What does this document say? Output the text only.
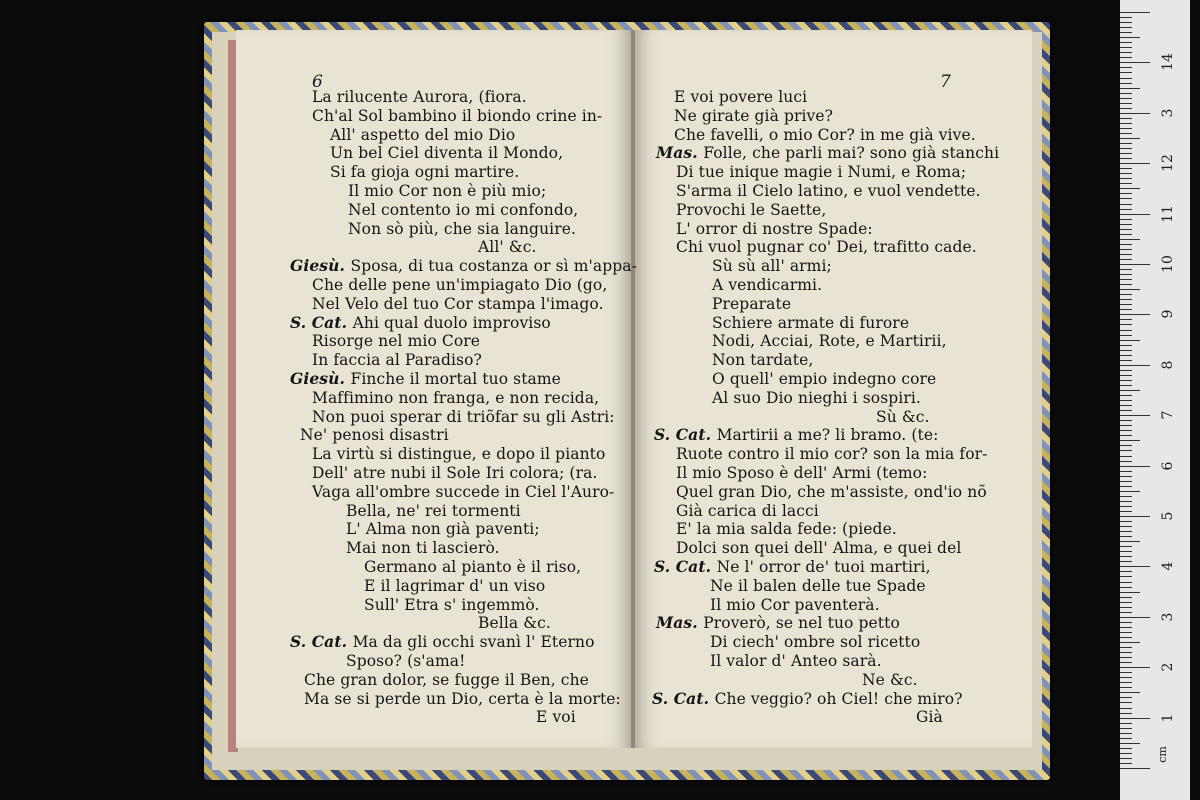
6	7
La rilucente Aurora, (fiora.
Ch'al Sol bambino il biondo crine in-
All' aspetto del mio Dio
Un bel Ciel diventa il Mondo,
Si fa gioja ogni martire.
Il mio Cor non è più mio;
Nel contento io mi confondo,
Non sò più, che sia languire.
All' &c.
Giesù. Sposa, di tua costanza or sì m'appa-
Che delle pene un'impiagato Dio (go,
Nel Velo del tuo Cor stampa l'imago.
S. Cat. Ahi qual duolo improviso
Risorge nel mio Core
In faccia al Paradiso?
Giesù. Finche il mortal tuo stame
Maffimino non franga, e non recida,
Non puoi sperar di triõfar su gli Astri:
Ne' penosi disastri
La virtù si distingue, e dopo il pianto
Dell' atre nubi il Sole Iri colora; (ra.
Vaga all'ombre succede in Ciel l'Auro-
Bella, ne' rei tormenti
L' Alma non già paventi;
Mai non ti lascierò.
Germano al pianto è il riso,
E il lagrimar d' un viso
Sull' Etra s' ingemmò.
Bella &c.
S. Cat. Ma da gli occhi svanì l' Eterno
Sposo? (s'ama!
Che gran dolor, se fugge il Ben, che
Ma se si perde un Dio, certa è la morte:
E voi
E voi povere luci
Ne girate già prive?
Che favelli, o mio Cor? in me già vive.
Mas. Folle, che parli mai? sono già stanchi
Di tue inique magie i Numi, e Roma;
S'arma il Cielo latino, e vuol vendette.
Provochi le Saette,
L' orror di nostre Spade:
Chi vuol pugnar co' Dei, trafitto cade.
Sù sù all' armi;
A vendicarmi.
Preparate
Schiere armate di furore
Nodi, Acciai, Rote, e Martirii,
Non tardate,
O quell' empio indegno core
Al suo Dio nieghi i sospiri.
Sù &c.
S. Cat. Martirii a me? li bramo. (te:
Ruote contro il mio cor? son la mia for-
Il mio Sposo è dell' Armi (temo:
Quel gran Dio, che m'assiste, ond'io nõ
Già carica di lacci
E' la mia salda fede: (piede.
Dolci son quei dell' Alma, e quei del
S. Cat. Ne l' orror de' tuoi martiri,
Ne il balen delle tue Spade
Il mio Cor paventerà.
Mas. Proverò, se nel tuo petto
Di ciech' ombre sol ricetto
Il valor d' Anteo sarà.
Ne &c.
S. Cat. Che veggio? oh Ciel! che miro?
Già
cm
1
2
3
4
5
6
7
8
9
10
11
12
3
14
